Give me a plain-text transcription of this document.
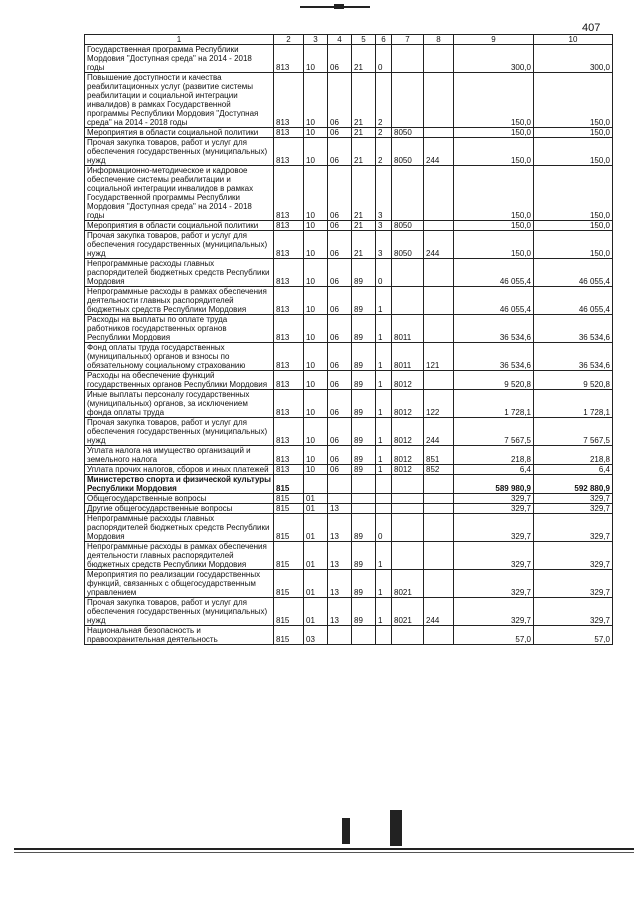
407
1	2	3	4	5	6	7	8	9	10
Государственная программа Республики Мордовия "Доступная среда" на 2014 - 2018 годы	813	10	06	21	0			300,0	300,0
Повышение доступности и качества реабилитационных услуг (развитие системы реабилитации и социальной интеграции инвалидов) в рамках Государственной программы Республики Мордовия "Доступная среда" на 2014 - 2018 годы	813	10	06	21	2			150,0	150,0
Мероприятия в области социальной политики	813	10	06	21	2	8050		150,0	150,0
Прочая закупка товаров, работ и услуг для обеспечения государственных (муниципальных) нужд	813	10	06	21	2	8050	244	150,0	150,0
Информационно-методическое и кадровое обеспечение системы реабилитации и социальной интеграции инвалидов в рамках Государственной программы Республики Мордовия "Доступная среда" на 2014 - 2018 годы	813	10	06	21	3			150,0	150,0
Мероприятия в области социальной политики	813	10	06	21	3	8050		150,0	150,0
Прочая закупка товаров, работ и услуг для обеспечения государственных (муниципальных) нужд	813	10	06	21	3	8050	244	150,0	150,0
Непрограммные расходы главных распорядителей бюджетных средств Республики Мордовия	813	10	06	89	0			46 055,4	46 055,4
Непрограммные расходы в рамках обеспечения деятельности главных распорядителей бюджетных средств Республики Мордовия	813	10	06	89	1			46 055,4	46 055,4
Расходы на выплаты по оплате труда работников государственных органов Республики Мордовия	813	10	06	89	1	8011		36 534,6	36 534,6
Фонд оплаты труда государственных (муниципальных) органов и взносы по обязательному социальному страхованию	813	10	06	89	1	8011	121	36 534,6	36 534,6
Расходы на обеспечение функций государственных органов Республики Мордовия	813	10	06	89	1	8012		9 520,8	9 520,8
Иные выплаты персоналу государственных (муниципальных) органов, за исключением фонда оплаты труда	813	10	06	89	1	8012	122	1 728,1	1 728,1
Прочая закупка товаров, работ и услуг для обеспечения государственных (муниципальных) нужд	813	10	06	89	1	8012	244	7 567,5	7 567,5
Уплата налога на имущество организаций и земельного налога	813	10	06	89	1	8012	851	218,8	218,8
Уплата прочих налогов, сборов и иных платежей	813	10	06	89	1	8012	852	6,4	6,4
Министерство спорта и физической культуры Республики Мордовия	815							589 980,9	592 880,9
Общегосударственные вопросы	815	01						329,7	329,7
Другие общегосударственные вопросы	815	01	13					329,7	329,7
Непрограммные расходы главных распорядителей бюджетных средств Республики Мордовия	815	01	13	89	0			329,7	329,7
Непрограммные расходы в рамках обеспечения деятельности главных распорядителей бюджетных средств Республики Мордовия	815	01	13	89	1			329,7	329,7
Мероприятия по реализации государственных функций, связанных с общегосударственным управлением	815	01	13	89	1	8021		329,7	329,7
Прочая закупка товаров, работ и услуг для обеспечения государственных (муниципальных) нужд	815	01	13	89	1	8021	244	329,7	329,7
Национальная безопасность и правоохранительная деятельность	815	03						57,0	57,0
